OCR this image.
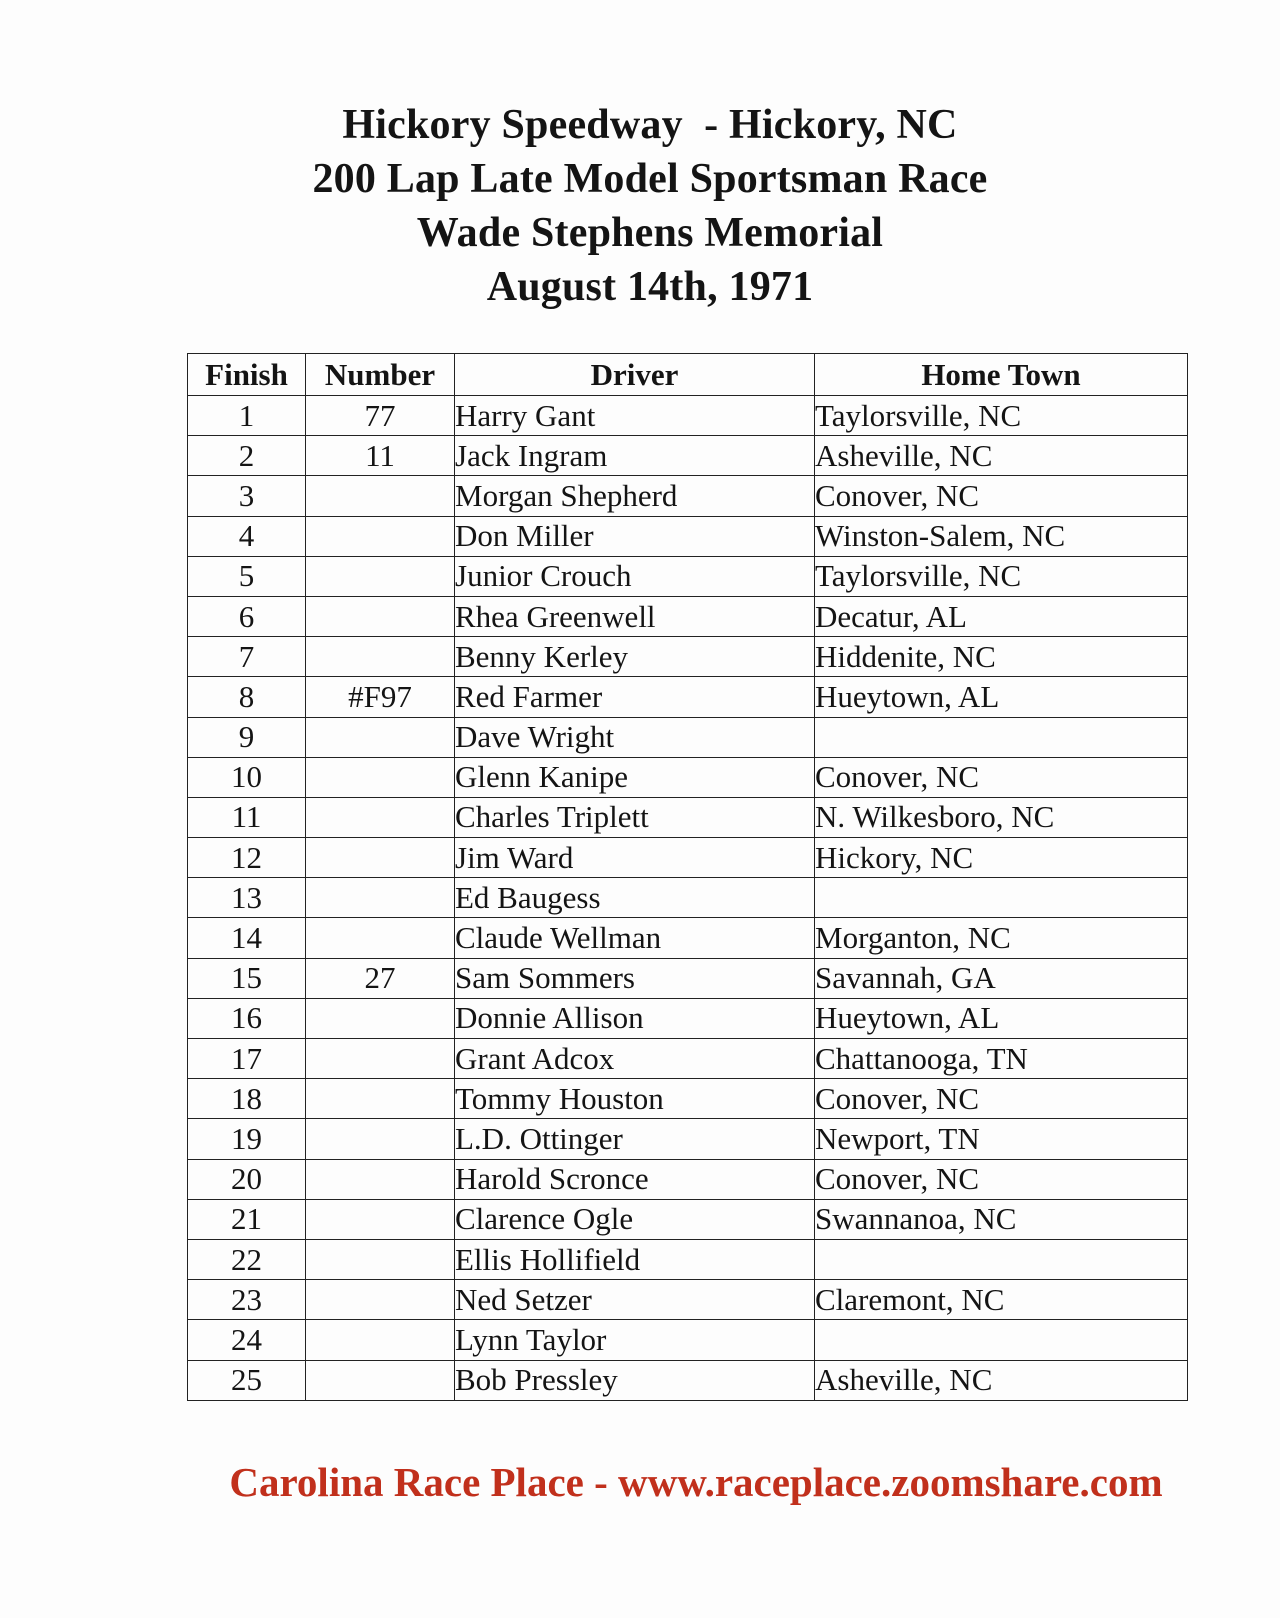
Hickory Speedway  - Hickory, NC
200 Lap Late Model Sportsman Race
Wade Stephens Memorial
August 14th, 1971
Finish	Number	Driver	Home Town
1	77	Harry Gant	Taylorsville, NC
2	11	Jack Ingram	Asheville, NC
3		Morgan Shepherd	Conover, NC
4		Don Miller	Winston-Salem, NC
5		Junior Crouch	Taylorsville, NC
6		Rhea Greenwell	Decatur, AL
7		Benny Kerley	Hiddenite, NC
8	#F97	Red Farmer	Hueytown, AL
9		Dave Wright	
10		Glenn Kanipe	Conover, NC
11		Charles Triplett	N. Wilkesboro, NC
12		Jim Ward	Hickory, NC
13		Ed Baugess	
14		Claude Wellman	Morganton, NC
15	27	Sam Sommers	Savannah, GA
16		Donnie Allison	Hueytown, AL
17		Grant Adcox	Chattanooga, TN
18		Tommy Houston	Conover, NC
19		L.D. Ottinger	Newport, TN
20		Harold Scronce	Conover, NC
21		Clarence Ogle	Swannanoa, NC
22		Ellis Hollifield	
23		Ned Setzer	Claremont, NC
24		Lynn Taylor	
25		Bob Pressley	Asheville, NC
Carolina Race Place - www.raceplace.zoomshare.com
